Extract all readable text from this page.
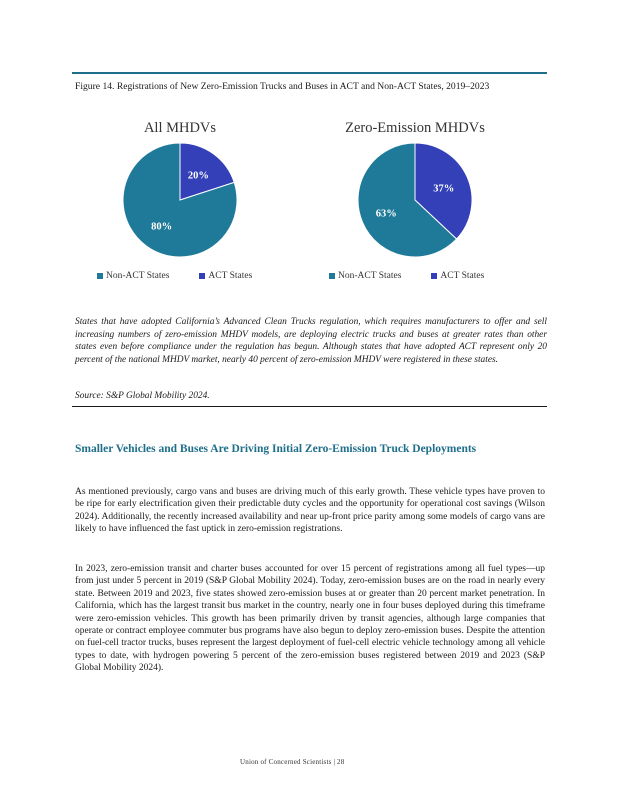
Figure 14. Registrations of New Zero-Emission Trucks and Buses in ACT and Non-ACT States, 2019–2023
All MHDVs
20%
80%
Non-ACT States	ACT States
Zero-Emission MHDVs
37%
63%
Non-ACT States	ACT States
States that have adopted California’s Advanced Clean Trucks regulation, which requires manufacturers to offer and sell increasing numbers of zero-emission MHDV models, are deploying electric trucks and buses at greater rates than other states even before compliance under the regulation has begun. Although states that have adopted ACT represent only 20 percent of the national MHDV market, nearly 40 percent of zero-emission MHDV were registered in these states.
Source: S&P Global Mobility 2024.
Smaller Vehicles and Buses Are Driving Initial Zero-Emission Truck Deployments
As mentioned previously, cargo vans and buses are driving much of this early growth. These vehicle types have proven to be ripe for early electrification given their predictable duty cycles and the opportunity for operational cost savings (Wilson 2024). Additionally, the recently increased availability and near up-front price parity among some models of cargo vans are likely to have influenced the fast uptick in zero-emission registrations.
In 2023, zero-emission transit and charter buses accounted for over 15 percent of registrations among all fuel types—up from just under 5 percent in 2019 (S&P Global Mobility 2024). Today, zero-emission buses are on the road in nearly every state. Between 2019 and 2023, five states showed zero-emission buses at or greater than 20 percent market penetration. In California, which has the largest transit bus market in the country, nearly one in four buses deployed during this timeframe were zero-emission vehicles. This growth has been primarily driven by transit agencies, although large companies that operate or contract employee commuter bus programs have also begun to deploy zero-emission buses. Despite the attention on fuel-cell tractor trucks, buses represent the largest deployment of fuel-cell electric vehicle technology among all vehicle types to date, with hydrogen powering 5 percent of the zero-emission buses registered between 2019 and 2023 (S&P Global Mobility 2024).
Union of Concerned Scientists | 28
